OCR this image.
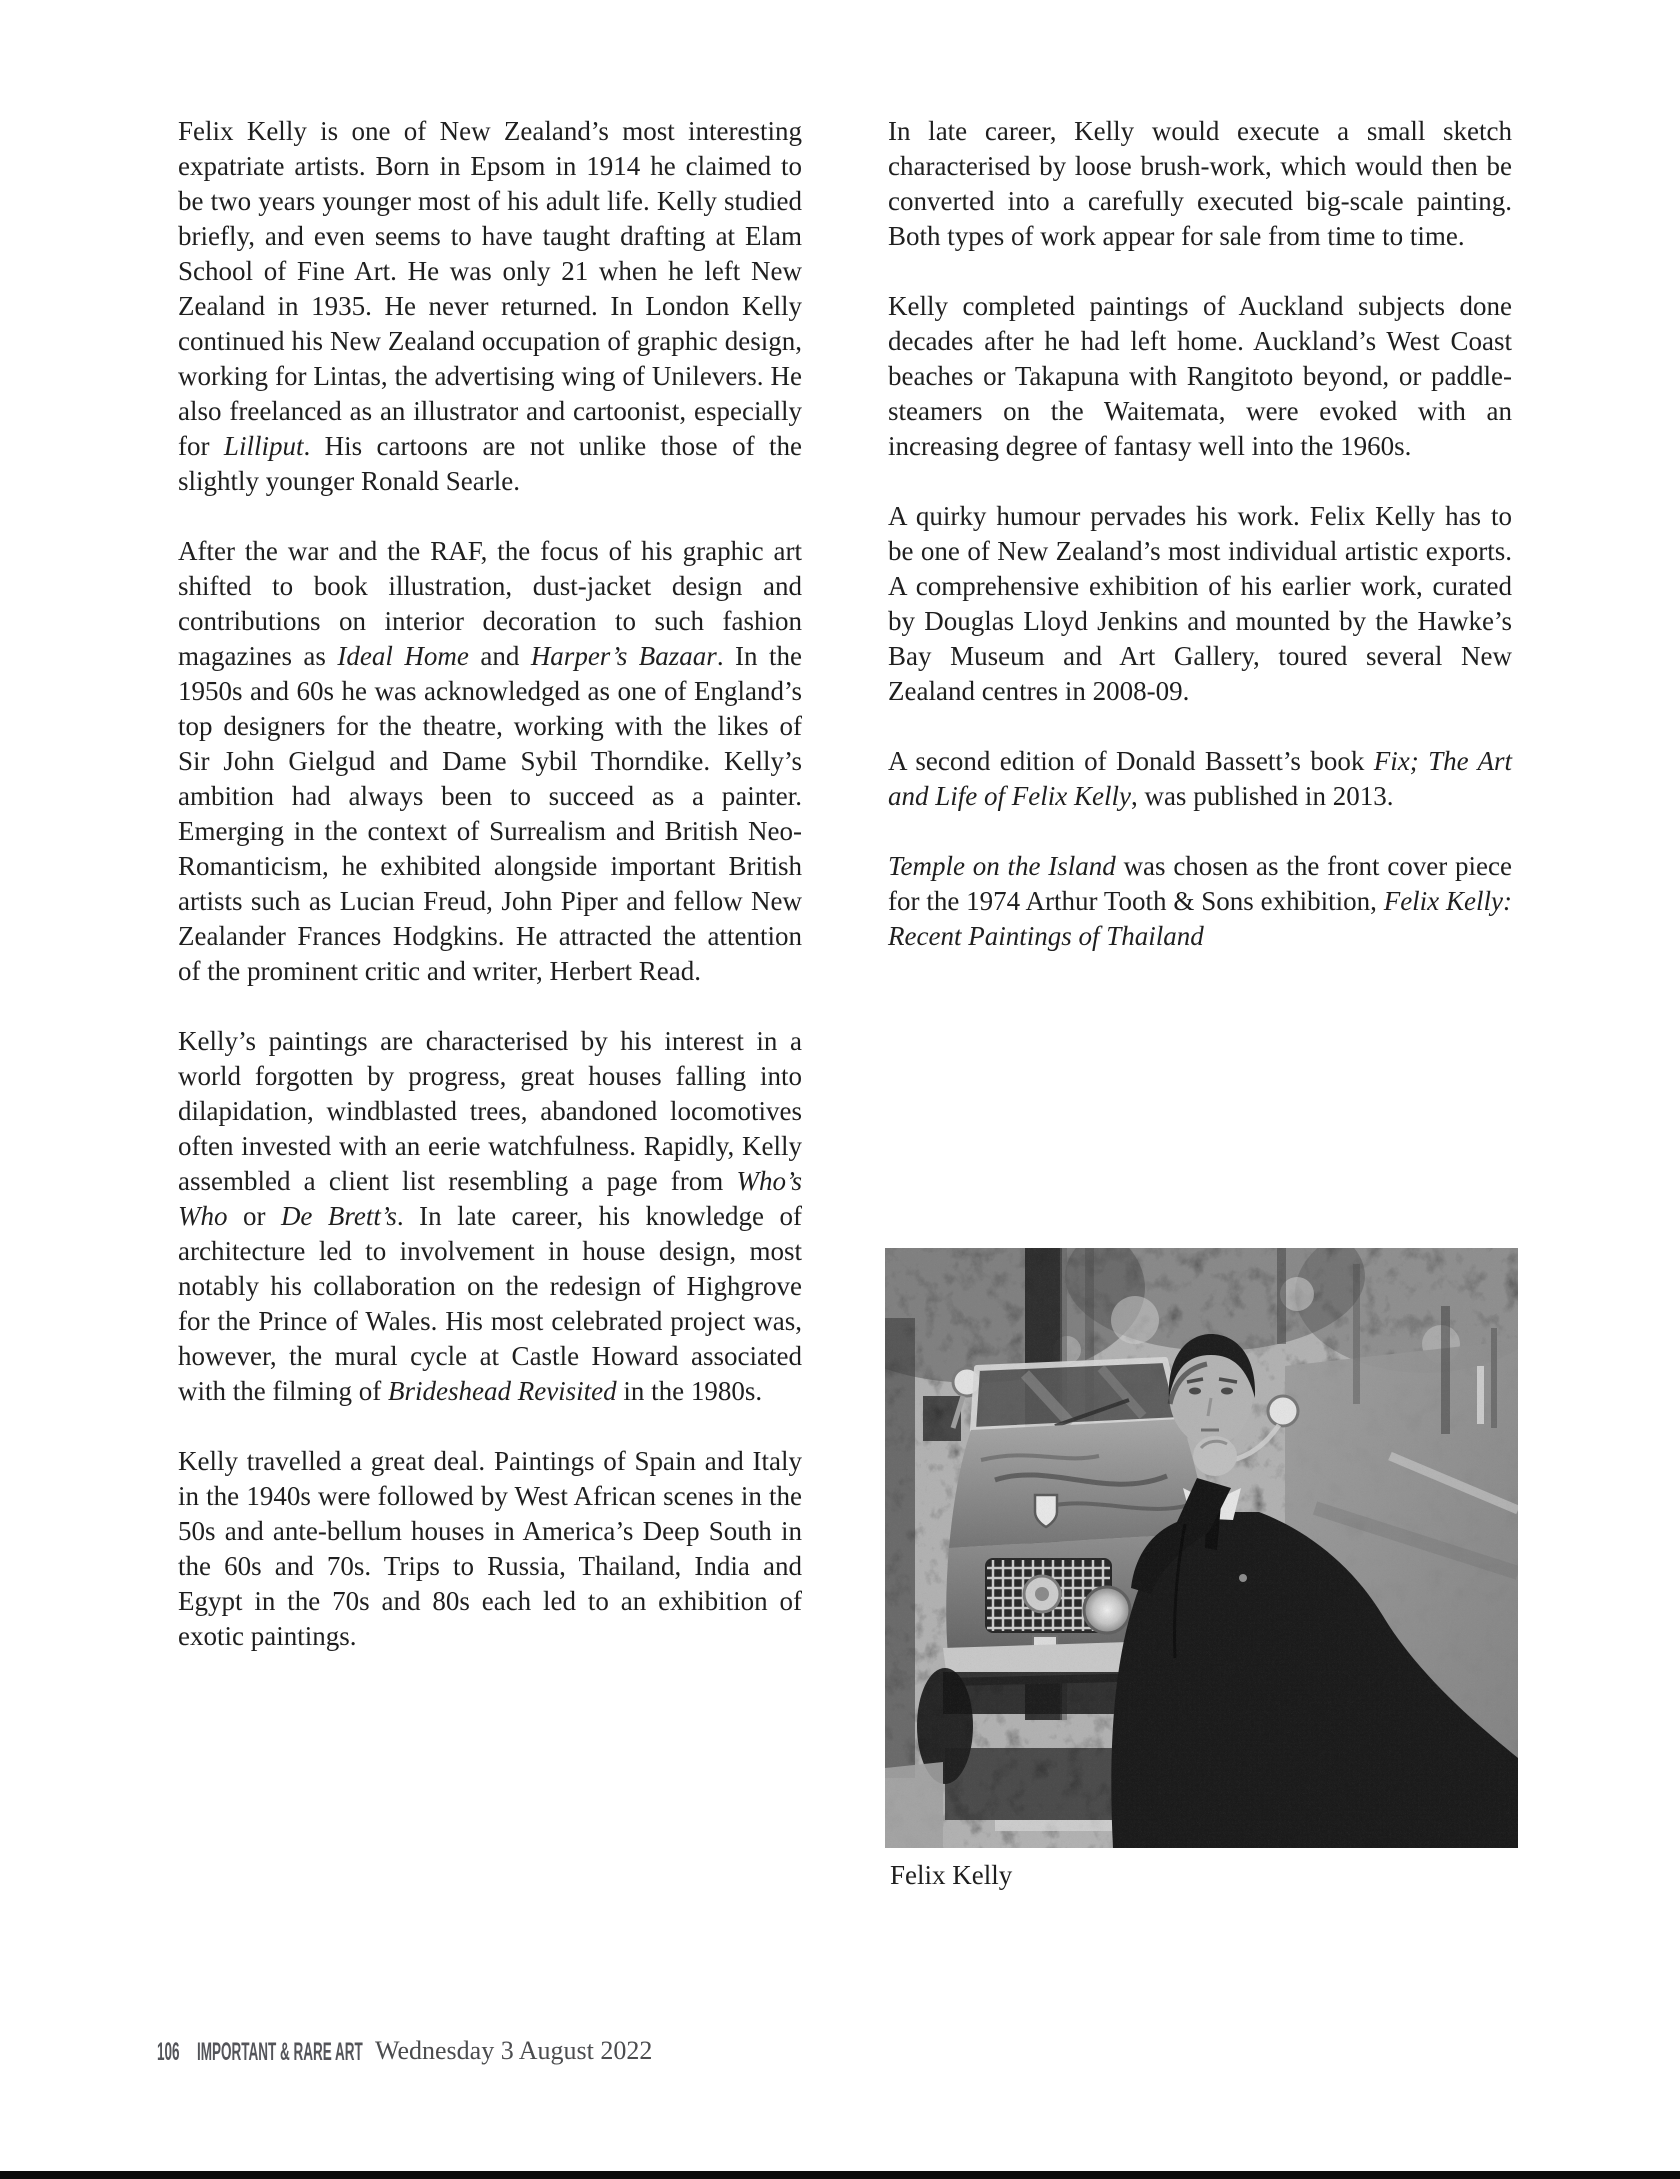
Felix Kelly is one of New Zealand’s most interesting expatriate artists. Born in Epsom in 1914 he claimed to be two years younger most of his adult life. Kelly studied briefly, and even seems to have taught drafting at Elam School of Fine Art. He was only 21 when he left New Zealand in 1935. He never returned. In London Kelly continued his New Zealand occupation of graphic design, working for Lintas, the advertising wing of Unilevers. He also freelanced as an illustrator and cartoonist, especially for Lilliput. His cartoons are not unlike those of the slightly younger Ronald Searle.

After the war and the RAF, the focus of his graphic art shifted to book illustration, dust-jacket design and contributions on interior decoration to such fashion magazines as Ideal Home and Harper’s Bazaar. In the 1950s and 60s he was acknowledged as one of England’s top designers for the theatre, working with the likes of Sir John Gielgud and Dame Sybil Thorndike. Kelly’s ambition had always been to succeed as a painter. Emerging in the context of Surrealism and British Neo-Romanticism, he exhibited alongside important British artists such as Lucian Freud, John Piper and fellow New Zealander Frances Hodgkins. He attracted the attention of the prominent critic and writer, Herbert Read.

Kelly’s paintings are characterised by his interest in a world forgotten by progress, great houses falling into dilapidation, windblasted trees, abandoned locomotives often invested with an eerie watchfulness. Rapidly, Kelly assembled a client list resembling a page from Who’s Who or De Brett’s. In late career, his knowledge of architecture led to involvement in house design, most notably his collaboration on the redesign of Highgrove for the Prince of Wales. His most celebrated project was, however, the mural cycle at Castle Howard associated with the filming of Brideshead Revisited in the 1980s.

Kelly travelled a great deal. Paintings of Spain and Italy in the 1940s were followed by West African scenes in the 50s and ante-bellum houses in America’s Deep South in the 60s and 70s. Trips to Russia, Thailand, India and Egypt in the 70s and 80s each led to an exhibition of exotic paintings.

In late career, Kelly would execute a small sketch characterised by loose brush-work, which would then be converted into a carefully executed big-scale painting. Both types of work appear for sale from time to time.

Kelly completed paintings of Auckland subjects done decades after he had left home. Auckland’s West Coast beaches or Takapuna with Rangitoto beyond, or paddle-steamers on the Waitemata, were evoked with an increasing degree of fantasy well into the 1960s.

A quirky humour pervades his work. Felix Kelly has to be one of New Zealand’s most individual artistic exports. A comprehensive exhibition of his earlier work, curated by Douglas Lloyd Jenkins and mounted by the Hawke’s Bay Museum and Art Gallery, toured several New Zealand centres in 2008-09.

A second edition of Donald Bassett’s book Fix; The Art and Life of Felix Kelly, was published in 2013.

Temple on the Island was chosen as the front cover piece for the 1974 Arthur Tooth & Sons exhibition, Felix Kelly: Recent Paintings of Thailand

Felix Kelly
106 IMPORTANT & RARE ART Wednesday 3 August 2022
